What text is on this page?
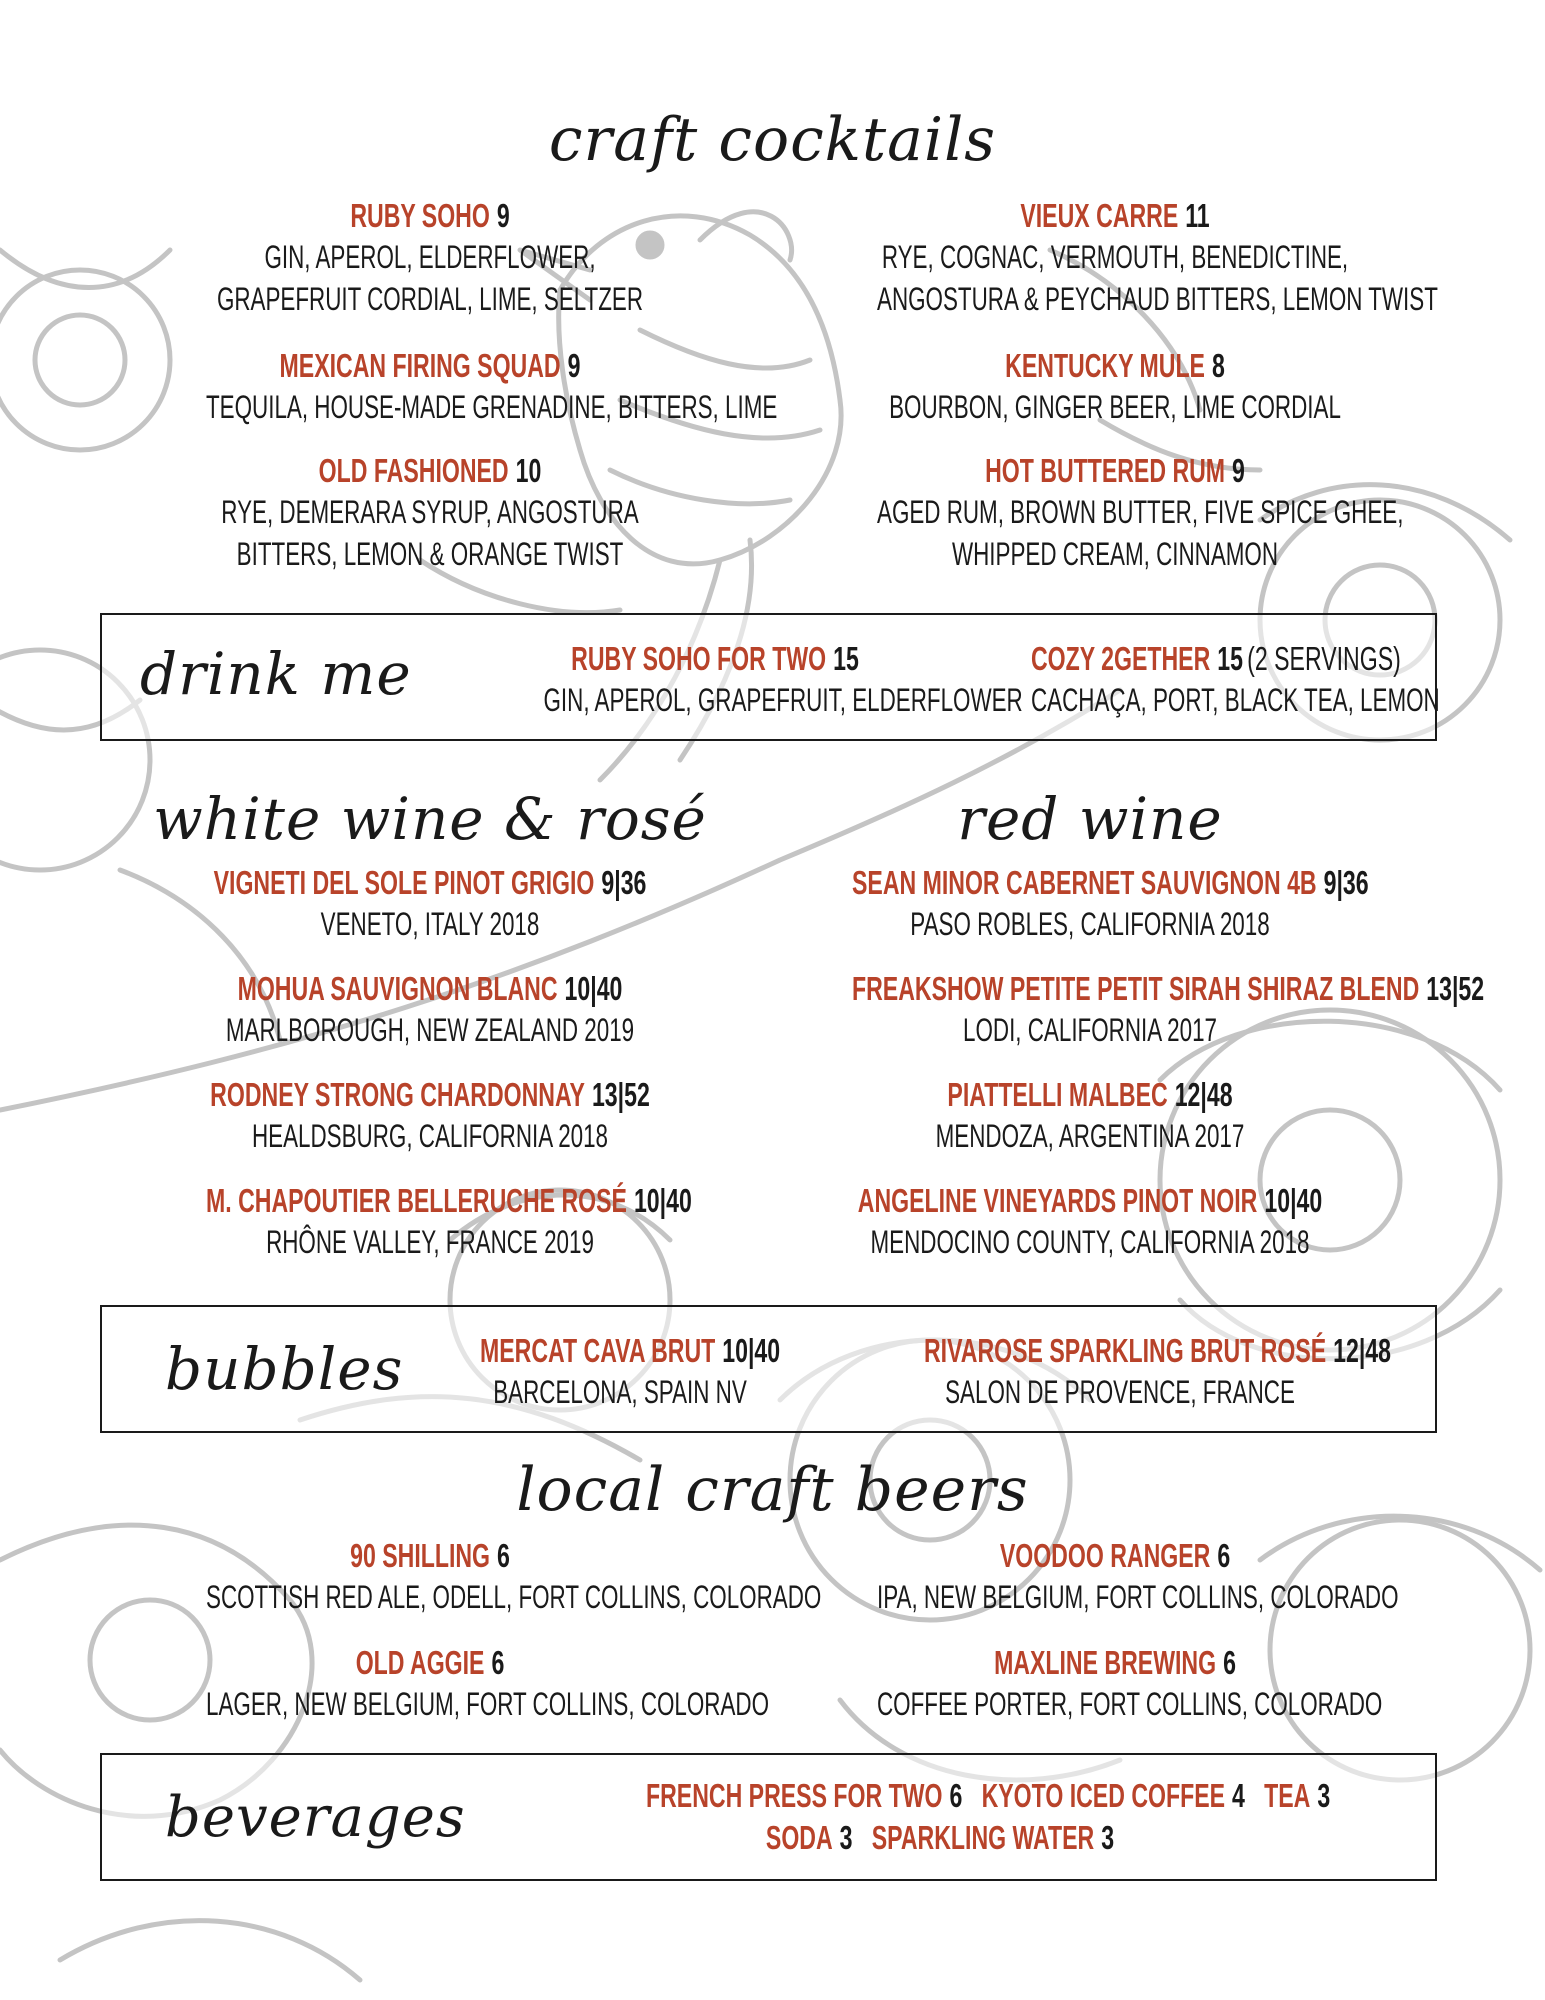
craft cocktails
RUBY SOHO 9
GIN, APEROL, ELDERFLOWER,
GRAPEFRUIT CORDIAL, LIME, SELTZER
MEXICAN FIRING SQUAD 9
TEQUILA, HOUSE-MADE GRENADINE, BITTERS, LIME
OLD FASHIONED 10
RYE, DEMERARA SYRUP, ANGOSTURA
BITTERS, LEMON & ORANGE TWIST
VIEUX CARRE 11
RYE, COGNAC, VERMOUTH, BENEDICTINE,
ANGOSTURA & PEYCHAUD BITTERS, LEMON TWIST
KENTUCKY MULE 8
BOURBON, GINGER BEER, LIME CORDIAL
HOT BUTTERED RUM 9
AGED RUM, BROWN BUTTER, FIVE SPICE GHEE,
WHIPPED CREAM, CINNAMON
drink me	RUBY SOHO FOR TWO 15
GIN, APEROL, GRAPEFRUIT, ELDERFLOWER
COZY 2GETHER 15 (2 SERVINGS)
CACHAÇA, PORT, BLACK TEA, LEMON
white wine & rosé
VIGNETI DEL SOLE PINOT GRIGIO 9|36
VENETO, ITALY 2018
MOHUA SAUVIGNON BLANC 10|40
MARLBOROUGH, NEW ZEALAND 2019
RODNEY STRONG CHARDONNAY 13|52
HEALDSBURG, CALIFORNIA 2018
M. CHAPOUTIER BELLERUCHE ROSÉ 10|40
RHÔNE VALLEY, FRANCE 2019
red wine
SEAN MINOR CABERNET SAUVIGNON 4B 9|36
PASO ROBLES, CALIFORNIA 2018
FREAKSHOW PETITE PETIT SIRAH SHIRAZ BLEND 13|52
LODI, CALIFORNIA 2017
PIATTELLI MALBEC 12|48
MENDOZA, ARGENTINA 2017
ANGELINE VINEYARDS PINOT NOIR 10|40
MENDOCINO COUNTY, CALIFORNIA 2018
bubbles MERCAT CAVA BRUT 10|40
BARCELONA, SPAIN NV
RIVAROSE SPARKLING BRUT ROSÉ 12|48
SALON DE PROVENCE, FRANCE
local craft beers
90 SHILLING 6
SCOTTISH RED ALE, ODELL, FORT COLLINS, COLORADO
OLD AGGIE 6
LAGER, NEW BELGIUM, FORT COLLINS, COLORADO
VOODOO RANGER 6
IPA, NEW BELGIUM, FORT COLLINS, COLORADO
MAXLINE BREWING 6
COFFEE PORTER, FORT COLLINS, COLORADO
beverages	FRENCH PRESS FOR TWO 6 KYOTO ICED COFFEE 4 TEA 3
SODA 3 SPARKLING WATER 3
